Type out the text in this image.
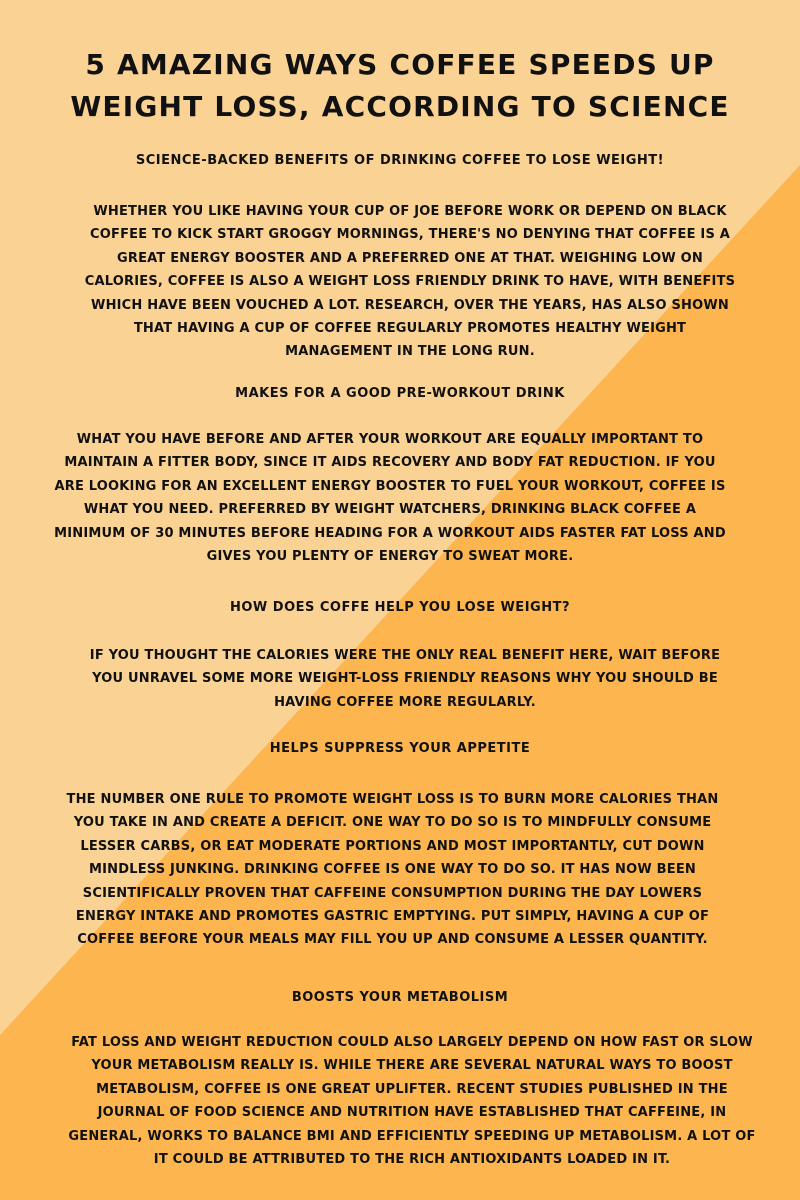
5 AMAZING WAYS COFFEE SPEEDS UP WEIGHT LOSS, ACCORDING TO SCIENCE
SCIENCE-BACKED BENEFITS OF DRINKING COFFEE TO LOSE WEIGHT!

WHETHER YOU LIKE HAVING YOUR CUP OF JOE BEFORE WORK OR DEPEND ON BLACK COFFEE TO KICK START GROGGY MORNINGS, THERE'S NO DENYING THAT COFFEE IS A GREAT ENERGY BOOSTER AND A PREFERRED ONE AT THAT. WEIGHING LOW ON CALORIES, COFFEE IS ALSO A WEIGHT LOSS FRIENDLY DRINK TO HAVE, WITH BENEFITS WHICH HAVE BEEN VOUCHED A LOT. RESEARCH, OVER THE YEARS, HAS ALSO SHOWN THAT HAVING A CUP OF COFFEE REGULARLY PROMOTES HEALTHY WEIGHT MANAGEMENT IN THE LONG RUN.

MAKES FOR A GOOD PRE-WORKOUT DRINK

WHAT YOU HAVE BEFORE AND AFTER YOUR WORKOUT ARE EQUALLY IMPORTANT TO MAINTAIN A FITTER BODY, SINCE IT AIDS RECOVERY AND BODY FAT REDUCTION. IF YOU ARE LOOKING FOR AN EXCELLENT ENERGY BOOSTER TO FUEL YOUR WORKOUT, COFFEE IS WHAT YOU NEED. PREFERRED BY WEIGHT WATCHERS, DRINKING BLACK COFFEE A MINIMUM OF 30 MINUTES BEFORE HEADING FOR A WORKOUT AIDS FASTER FAT LOSS AND GIVES YOU PLENTY OF ENERGY TO SWEAT MORE.

HOW DOES COFFE HELP YOU LOSE WEIGHT?

IF YOU THOUGHT THE CALORIES WERE THE ONLY REAL BENEFIT HERE, WAIT BEFORE YOU UNRAVEL SOME MORE WEIGHT-LOSS FRIENDLY REASONS WHY YOU SHOULD BE HAVING COFFEE MORE REGULARLY.

HELPS SUPPRESS YOUR APPETITE

THE NUMBER ONE RULE TO PROMOTE WEIGHT LOSS IS TO BURN MORE CALORIES THAN YOU TAKE IN AND CREATE A DEFICIT. ONE WAY TO DO SO IS TO MINDFULLY CONSUME LESSER CARBS, OR EAT MODERATE PORTIONS AND MOST IMPORTANTLY, CUT DOWN MINDLESS JUNKING. DRINKING COFFEE IS ONE WAY TO DO SO. IT HAS NOW BEEN SCIENTIFICALLY PROVEN THAT CAFFEINE CONSUMPTION DURING THE DAY LOWERS ENERGY INTAKE AND PROMOTES GASTRIC EMPTYING. PUT SIMPLY, HAVING A CUP OF COFFEE BEFORE YOUR MEALS MAY FILL YOU UP AND CONSUME A LESSER QUANTITY.

BOOSTS YOUR METABOLISM

FAT LOSS AND WEIGHT REDUCTION COULD ALSO LARGELY DEPEND ON HOW FAST OR SLOW YOUR METABOLISM REALLY IS. WHILE THERE ARE SEVERAL NATURAL WAYS TO BOOST METABOLISM, COFFEE IS ONE GREAT UPLIFTER. RECENT STUDIES PUBLISHED IN THE JOURNAL OF FOOD SCIENCE AND NUTRITION HAVE ESTABLISHED THAT CAFFEINE, IN GENERAL, WORKS TO BALANCE BMI AND EFFICIENTLY SPEEDING UP METABOLISM. A LOT OF IT COULD BE ATTRIBUTED TO THE RICH ANTIOXIDANTS LOADED IN IT.
